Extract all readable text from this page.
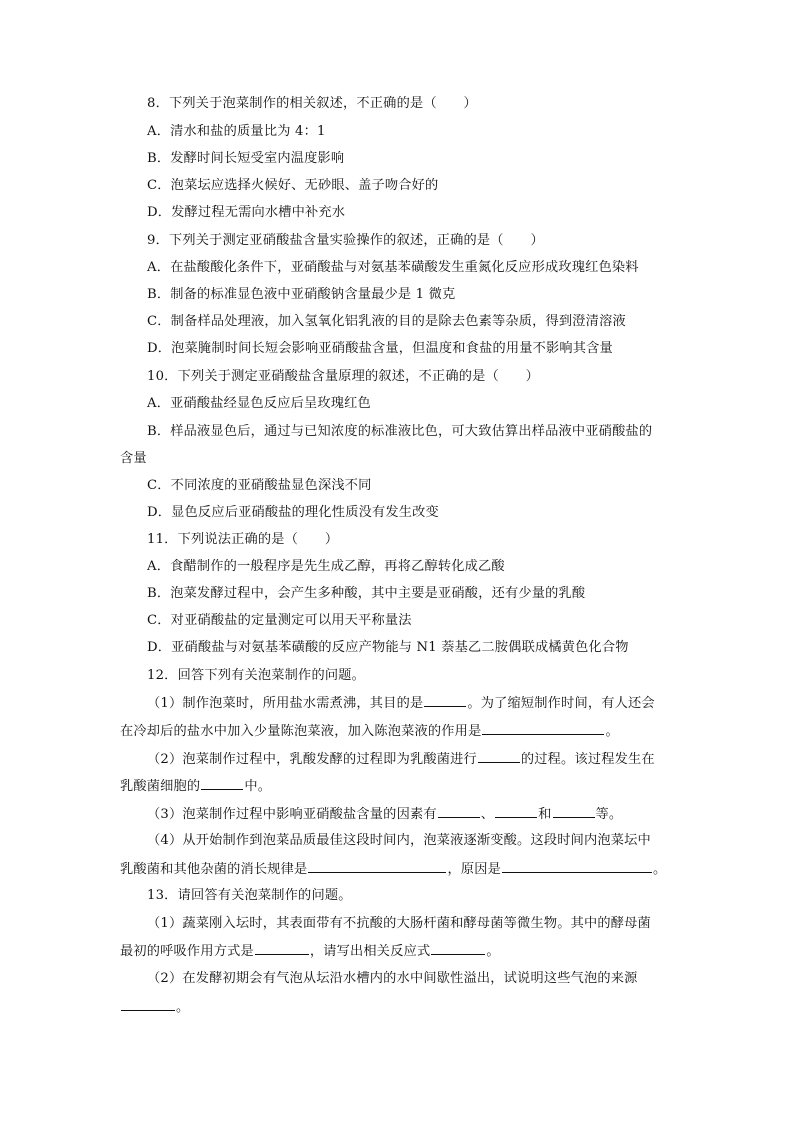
8．下列关于泡菜制作的相关叙述，不正确的是（　　）
A．清水和盐的质量比为 4：1
B．发酵时间长短受室内温度影响
C．泡菜坛应选择火候好、无砂眼、盖子吻合好的
D．发酵过程无需向水槽中补充水
9．下列关于测定亚硝酸盐含量实验操作的叙述，正确的是（　　）
A．在盐酸酸化条件下，亚硝酸盐与对氨基苯磺酸发生重氮化反应形成玫瑰红色染料
B．制备的标准显色液中亚硝酸钠含量最少是 1 微克
C．制备样品处理液，加入氢氧化铝乳液的目的是除去色素等杂质，得到澄清溶液
D．泡菜腌制时间长短会影响亚硝酸盐含量，但温度和食盐的用量不影响其含量
10．下列关于测定亚硝酸盐含量原理的叙述，不正确的是（　　）
A．亚硝酸盐经显色反应后呈玫瑰红色
B．样品液显色后，通过与已知浓度的标准液比色，可大致估算出样品液中亚硝酸盐的
含量
C．不同浓度的亚硝酸盐显色深浅不同
D．显色反应后亚硝酸盐的理化性质没有发生改变
11．下列说法正确的是（　　）
A．食醋制作的一般程序是先生成乙醇，再将乙醇转化成乙酸
B．泡菜发酵过程中，会产生多种酸，其中主要是亚硝酸，还有少量的乳酸
C．对亚硝酸盐的定量测定可以用天平称量法
D．亚硝酸盐与对氨基苯磺酸的反应产物能与 N1 萘基乙二胺偶联成橘黄色化合物
12．回答下列有关泡菜制作的问题。
（1）制作泡菜时，所用盐水需煮沸，其目的是	。为了缩短制作时间，有人还会
在冷却后的盐水中加入少量陈泡菜液，加入陈泡菜液的作用是	。
（2）泡菜制作过程中，乳酸发酵的过程即为乳酸菌进行	的过程。该过程发生在
乳酸菌细胞的	中。
（3）泡菜制作过程中影响亚硝酸盐含量的因素有	、	和	等。
（4）从开始制作到泡菜品质最佳这段时间内，泡菜液逐渐变酸。这段时间内泡菜坛中
乳酸菌和其他杂菌的消长规律是	，原因是	。
13．请回答有关泡菜制作的问题。
（1）蔬菜刚入坛时，其表面带有不抗酸的大肠杆菌和酵母菌等微生物。其中的酵母菌
最初的呼吸作用方式是	，请写出相关反应式	。
（2）在发酵初期会有气泡从坛沿水槽内的水中间歇性溢出，试说明这些气泡的来源
。
